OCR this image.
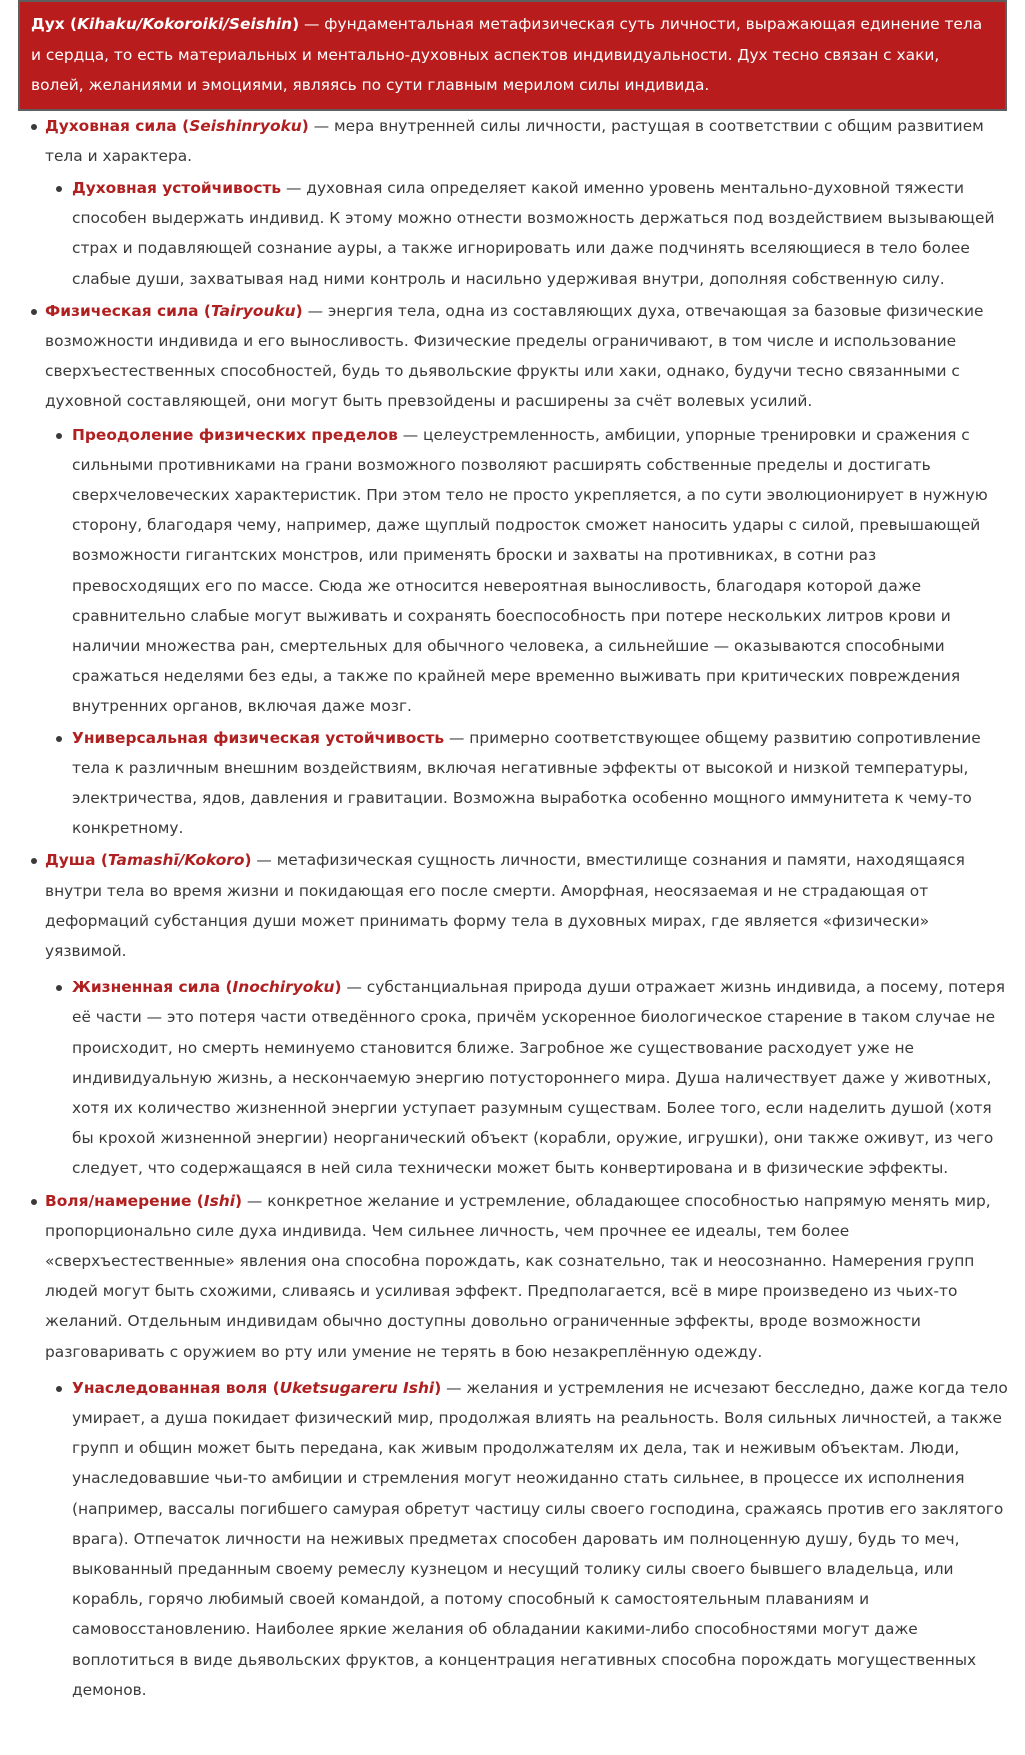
Дух (Kihaku/Kokoroiki/Seishin) — фундаментальная метафизическая суть личности, выражающая единение тела и сердца, то есть материальных и ментально-духовных аспектов индивидуальности. Дух тесно связан с хаки, волей, желаниями и эмоциями, являясь по сути главным мерилом силы индивида.
Духовная сила (Seishinryoku) — мера внутренней силы личности, растущая в соответствии с общим развитием тела и характера.
Духовная устойчивость — духовная сила определяет какой именно уровень ментально-духовной тяжести способен выдержать индивид. К этому можно отнести возможность держаться под воздействием вызывающей страх и подавляющей сознание ауры, а также игнорировать или даже подчинять вселяющиеся в тело более слабые души, захватывая над ними контроль и насильно удерживая внутри, дополняя собственную силу.
Физическая сила (Tairyouku) — энергия тела, одна из составляющих духа, отвечающая за базовые физические возможности индивида и его выносливость. Физические пределы ограничивают, в том числе и использование сверхъестественных способностей, будь то дьявольские фрукты или хаки, однако, будучи тесно связанными с духовной составляющей, они могут быть превзойдены и расширены за счёт волевых усилий.
Преодоление физических пределов — целеустремленность, амбиции, упорные тренировки и сражения с сильными противниками на грани возможного позволяют расширять собственные пределы и достигать сверхчеловеческих характеристик. При этом тело не просто укрепляется, а по сути эволюционирует в нужную сторону, благодаря чему, например, даже щуплый подросток сможет наносить удары с силой, превышающей возможности гигантских монстров, или применять броски и захваты на противниках, в сотни раз превосходящих его по массе. Сюда же относится невероятная выносливость, благодаря которой даже сравнительно слабые могут выживать и сохранять боеспособность при потере нескольких литров крови и наличии множества ран, смертельных для обычного человека, а сильнейшие — оказываются способными сражаться неделями без еды, а также по крайней мере временно выживать при критических повреждения внутренних органов, включая даже мозг.
Универсальная физическая устойчивость — примерно соответствующее общему развитию сопротивление тела к различным внешним воздействиям, включая негативные эффекты от высокой и низкой температуры, электричества, ядов, давления и гравитации. Возможна выработка особенно мощного иммунитета к чему-то конкретному.
Душа (Tamashī/Kokoro) — метафизическая сущность личности, вместилище сознания и памяти, находящаяся внутри тела во время жизни и покидающая его после смерти. Аморфная, неосязаемая и не страдающая от деформаций субстанция души может принимать форму тела в духовных мирах, где является «физически» уязвимой.
Жизненная сила (Inochiryoku) — субстанциальная природа души отражает жизнь индивида, а посему, потеря её части — это потеря части отведённого срока, причём ускоренное биологическое старение в таком случае не происходит, но смерть неминуемо становится ближе. Загробное же существование расходует уже не индивидуальную жизнь, а нескончаемую энергию потустороннего мира. Душа наличествует даже у животных, хотя их количество жизненной энергии уступает разумным существам. Более того, если наделить душой (хотя бы крохой жизненной энергии) неорганический объект (корабли, оружие, игрушки), они также оживут, из чего следует, что содержащаяся в ней сила технически может быть конвертирована и в физические эффекты.
Воля/намерение (Ishi) — конкретное желание и устремление, обладающее способностью напрямую менять мир, пропорционально силе духа индивида. Чем сильнее личность, чем прочнее ее идеалы, тем более «сверхъестественные» явления она способна порождать, как сознательно, так и неосознанно. Намерения групп людей могут быть схожими, сливаясь и усиливая эффект. Предполагается, всё в мире произведено из чьих-то желаний. Отдельным индивидам обычно доступны довольно ограниченные эффекты, вроде возможности разговаривать с оружием во рту или умение не терять в бою незакреплённую одежду.
Унаследованная воля (Uketsugareru Ishi) — желания и устремления не исчезают бесследно, даже когда тело умирает, а душа покидает физический мир, продолжая влиять на реальность. Воля сильных личностей, а также групп и общин может быть передана, как живым продолжателям их дела, так и неживым объектам. Люди, унаследовавшие чьи-то амбиции и стремления могут неожиданно стать сильнее, в процессе их исполнения (например, вассалы погибшего самурая обретут частицу силы своего господина, сражаясь против его заклятого врага). Отпечаток личности на неживых предметах способен даровать им полноценную душу, будь то меч, выкованный преданным своему ремеслу кузнецом и несущий толику силы своего бывшего владельца, или корабль, горячо любимый своей командой, а потому способный к самостоятельным плаваниям и самовосстановлению. Наиболее яркие желания об обладании какими-либо способностями могут даже воплотиться в виде дьявольских фруктов, а концентрация негативных способна порождать могущественных демонов.
